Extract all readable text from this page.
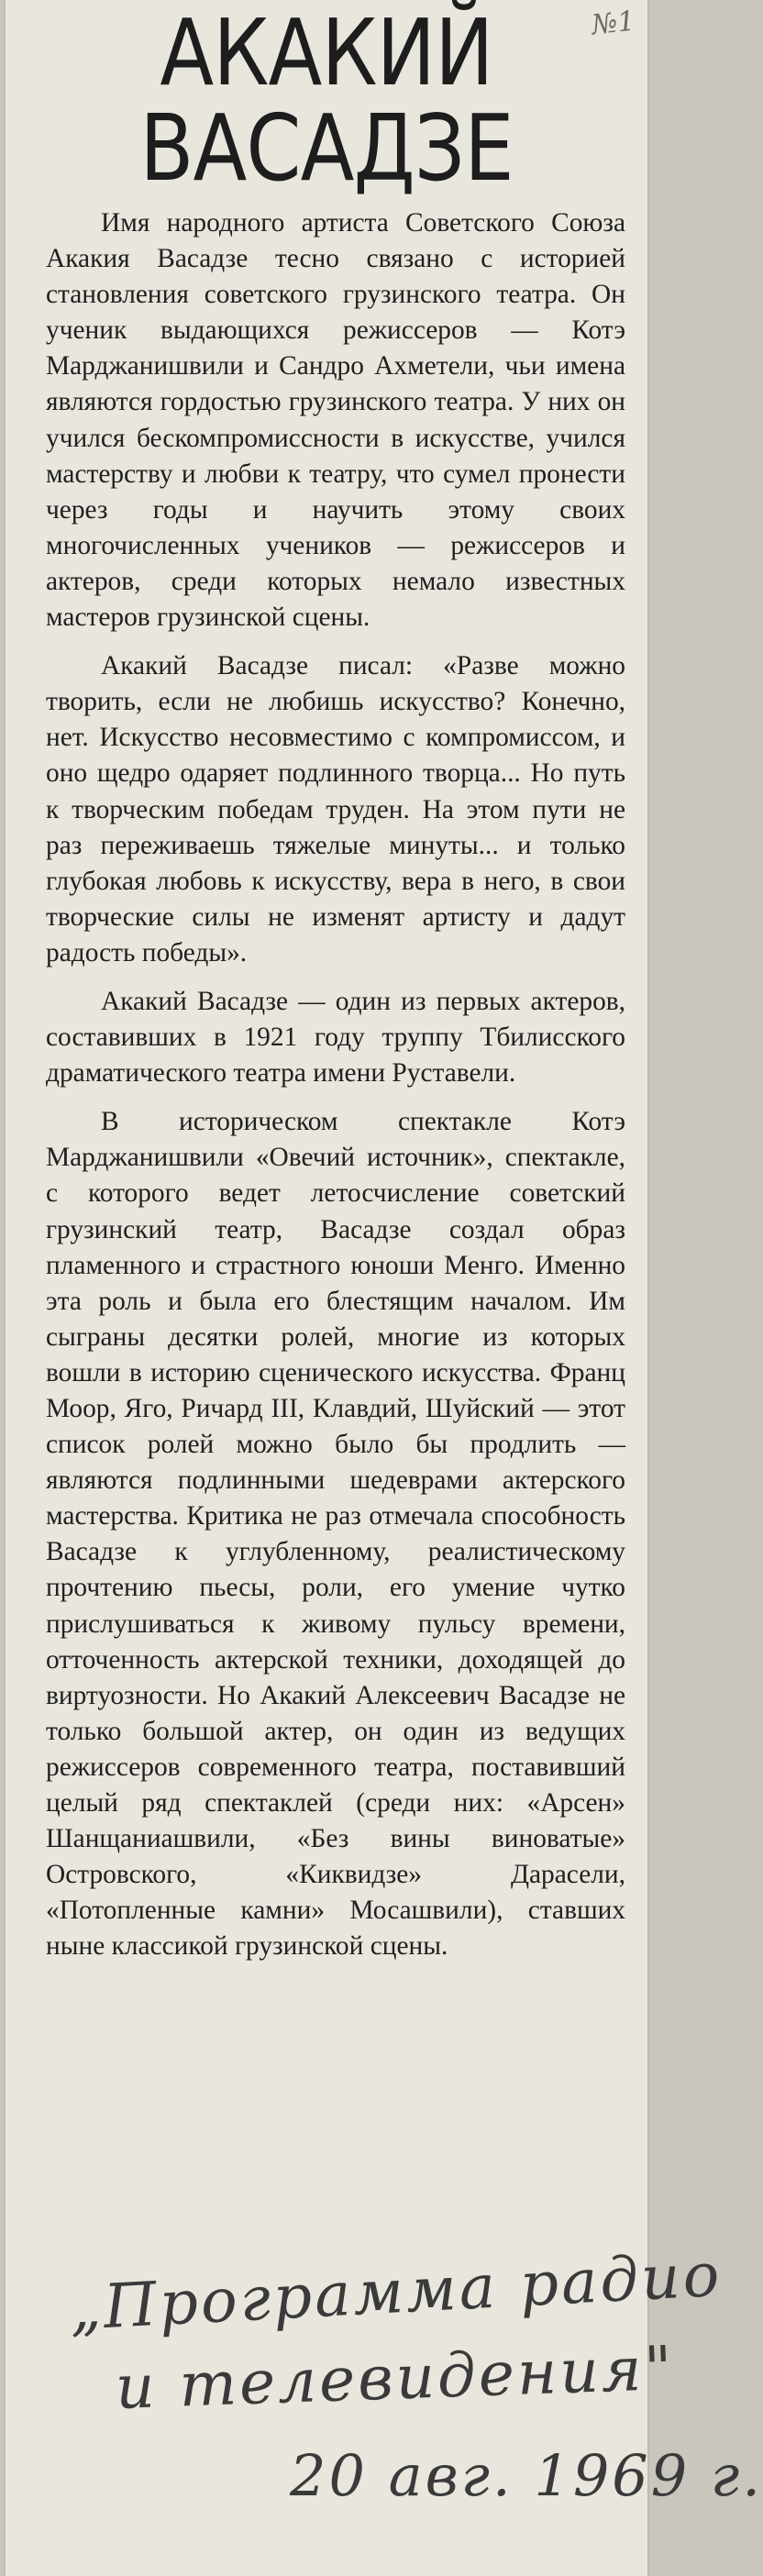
№1
АКАКИЙ
ВАСАДЗЕ

Имя народного артиста Советского Союза Акакия Васадзе тесно связано с историей становления советского грузинского театра. Он ученик выдающихся режиссеров — Котэ Марджанишвили и Сандро Ахметели, чьи имена являются гордостью грузинского театра. У них он учился бескомпромиссности в искусстве, учился мастерству и любви к театру, что сумел пронести через годы и научить этому своих многочисленных учеников — режиссеров и актеров, среди которых немало известных мастеров грузинской сцены.

Акакий Васадзе писал: «Разве можно творить, если не любишь искусство? Конечно, нет. Искусство несовместимо с компромиссом, и оно щедро одаряет подлинного творца... Но путь к творческим победам труден. На этом пути не раз переживаешь тяжелые минуты... и только глубокая любовь к искусству, вера в него, в свои творческие силы не изменят артисту и дадут радость победы».

Акакий Васадзе — один из первых актеров, составивших в 1921 году труппу Тбилисского драматического театра имени Руставели.

В историческом спектакле Котэ Марджанишвили «Овечий источник», спектакле, с которого ведет летосчисление советский грузинский театр, Васадзе создал образ пламенного и страстного юноши Менго. Именно эта роль и была его блестящим началом. Им сыграны десятки ролей, многие из которых вошли в историю сценического искусства. Франц Моор, Яго, Ричард III, Клавдий, Шуйский — этот список ролей можно было бы продлить — являются подлинными шедеврами актерского мастерства. Критика не раз отмечала способность Васадзе к углубленному, реалистическому прочтению пьесы, роли, его умение чутко прислушиваться к живому пульсу времени, отточенность актерской техники, доходящей до виртуозности. Но Акакий Алексеевич Васадзе не только большой актер, он один из ведущих режиссеров современного театра, поставивший целый ряд спектаклей (среди них: «Арсен» Шанщаниашвили, «Без вины виноватые» Островского, «Киквидзе» Дарасели, «Потопленные камни» Мосашвили), ставших ныне классикой грузинской сцены.

„Программа радио
и телевидения"
20 авг. 1969 г.
